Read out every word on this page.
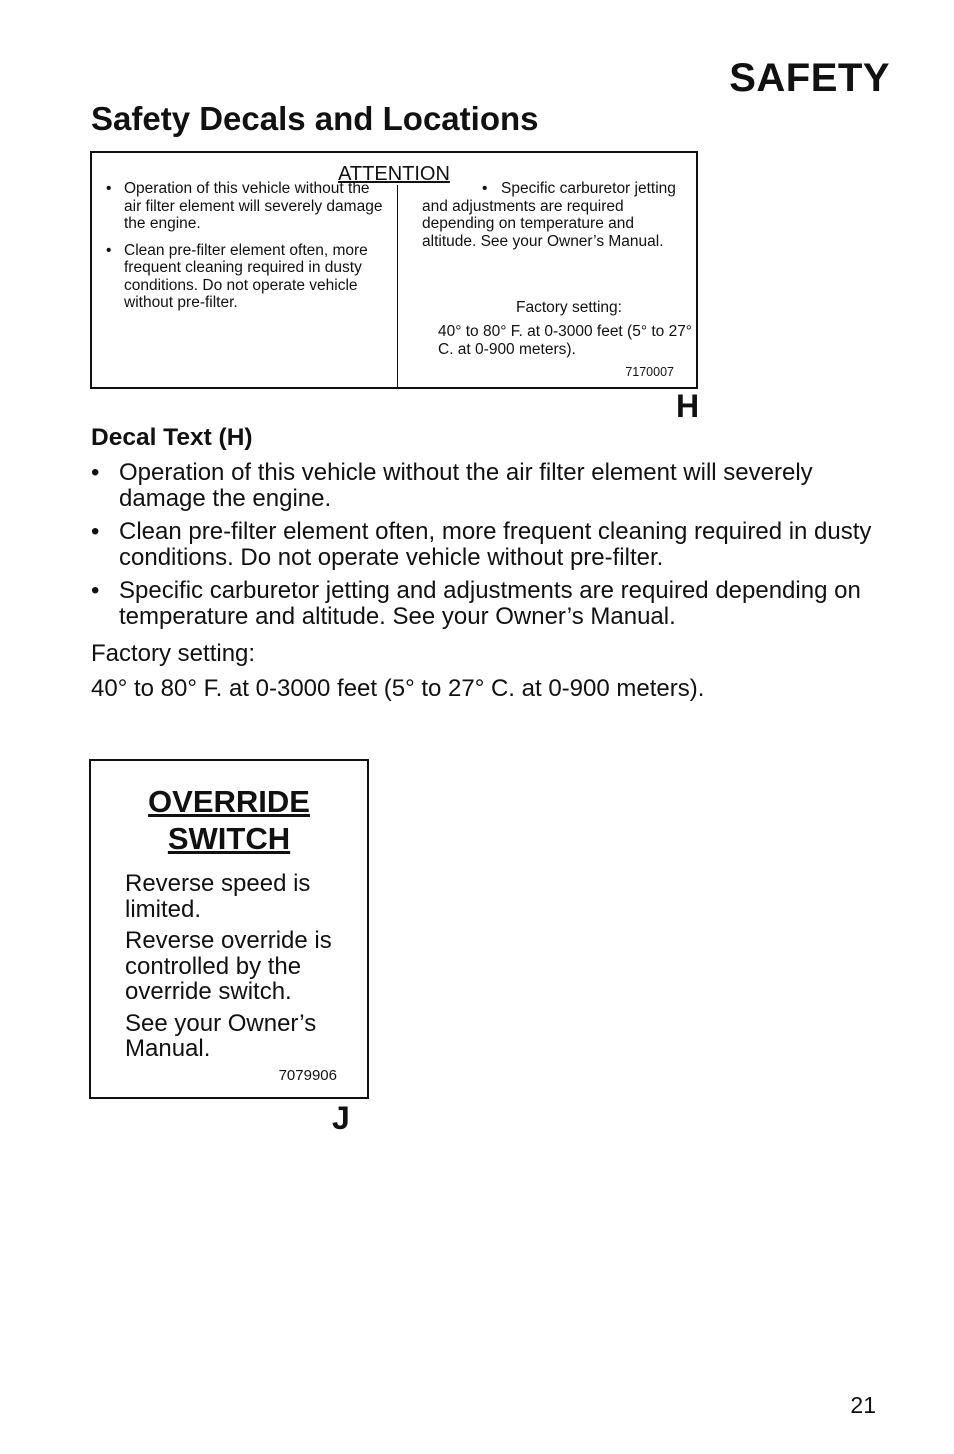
SAFETY
Safety Decals and Locations
ATTENTION
• Operation of this vehicle without the air filter element will severely damage the engine.
• Clean pre-filter element often, more frequent cleaning required in dusty conditions. Do not operate vehicle without pre-filter.
• Specific carburetor jetting
and adjustments are required depending on temperature and altitude. See your Owner’s Manual.
Factory setting:
40° to 80° F. at 0-3000 feet (5° to 27° C. at 0-900 meters).
7170007
H
Decal Text (H)
• Operation of this vehicle without the air filter element will severely damage the engine.
• Clean pre-filter element often, more frequent cleaning required in dusty conditions. Do not operate vehicle without pre-filter.
• Specific carburetor jetting and adjustments are required depending on temperature and altitude. See your Owner’s Manual.
Factory setting:
40° to 80° F. at 0-3000 feet (5° to 27° C. at 0-900 meters).
OVERRIDE
SWITCH
Reverse speed is limited.
Reverse override is controlled by the override switch.
See your Owner’s Manual.
7079906
J
21
